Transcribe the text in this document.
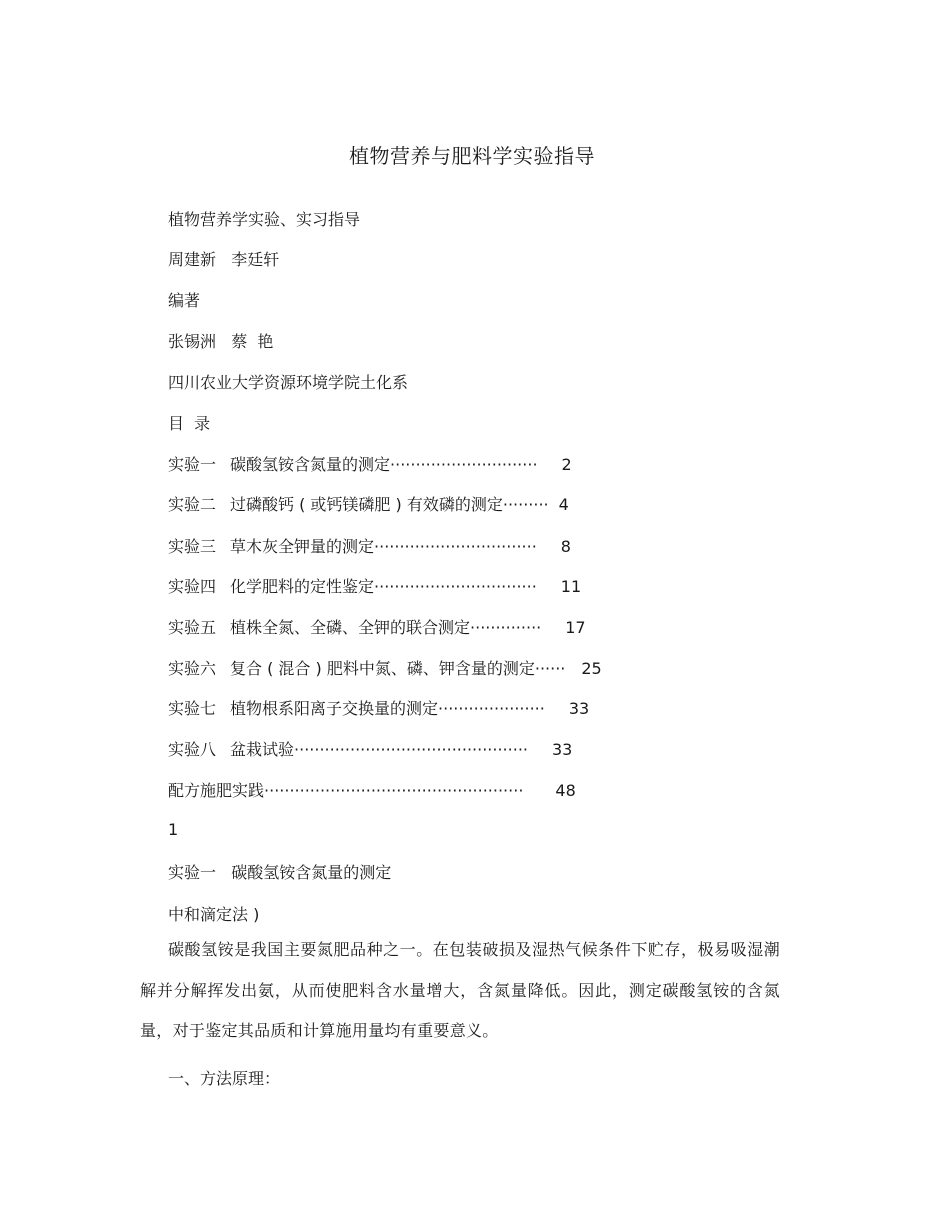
植物营养与肥料学实验指导
植物营养学实验、实习指导
周建新   李廷轩
编著
张锡洲   蔡  艳
四川农业大学资源环境学院土化系
目  录
实验一 碳酸氢铵含氮量的测定····························· 2
实验二 过磷酸钙 ( 或钙镁磷肥 ) 有效磷的测定········· 4
实验三 草木灰全钾量的测定································ 8
实验四 化学肥料的定性鉴定································ 11
实验五 植株全氮、全磷、全钾的联合测定·············· 17
实验六 复合 ( 混合 ) 肥料中氮、磷、钾含量的测定······ 25
实验七 植物根系阳离子交换量的测定····················· 33
实验八 盆栽试验·············································· 33
配方施肥实践··················································· 48
1
实验一   碳酸氢铵含氮量的测定
中和滴定法 )
碳酸氢铵是我国主要氮肥品种之一。在包装破损及湿热气候条件下贮存，极易吸湿潮解并分解挥发出氨，从而使肥料含水量增大，含氮量降低。因此，测定碳酸氢铵的含氮量，对于鉴定其品质和计算施用量均有重要意义。
一、方法原理：
